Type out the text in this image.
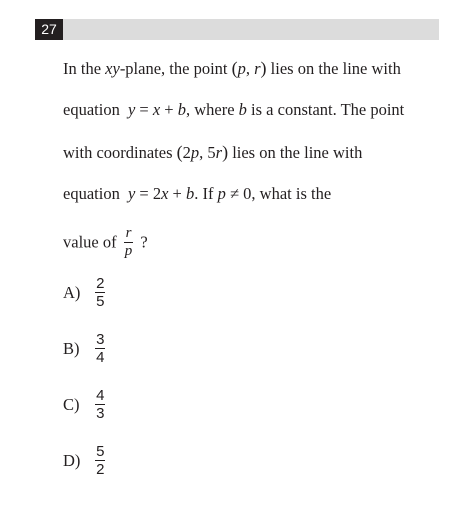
27
In the xy-plane, the point (p, r) lies on the line with
equation y = x + b, where b is a constant. The point
with coordinates (2p, 5r) lies on the line with
equation y = 2x + b. If p ≠ 0, what is the
value of $\frac{r}{p}$ ?
$A) \frac{2}{5}$
$B) \frac{3}{4}$
$C) \frac{4}{3}$
$D) \frac{5}{2}$
